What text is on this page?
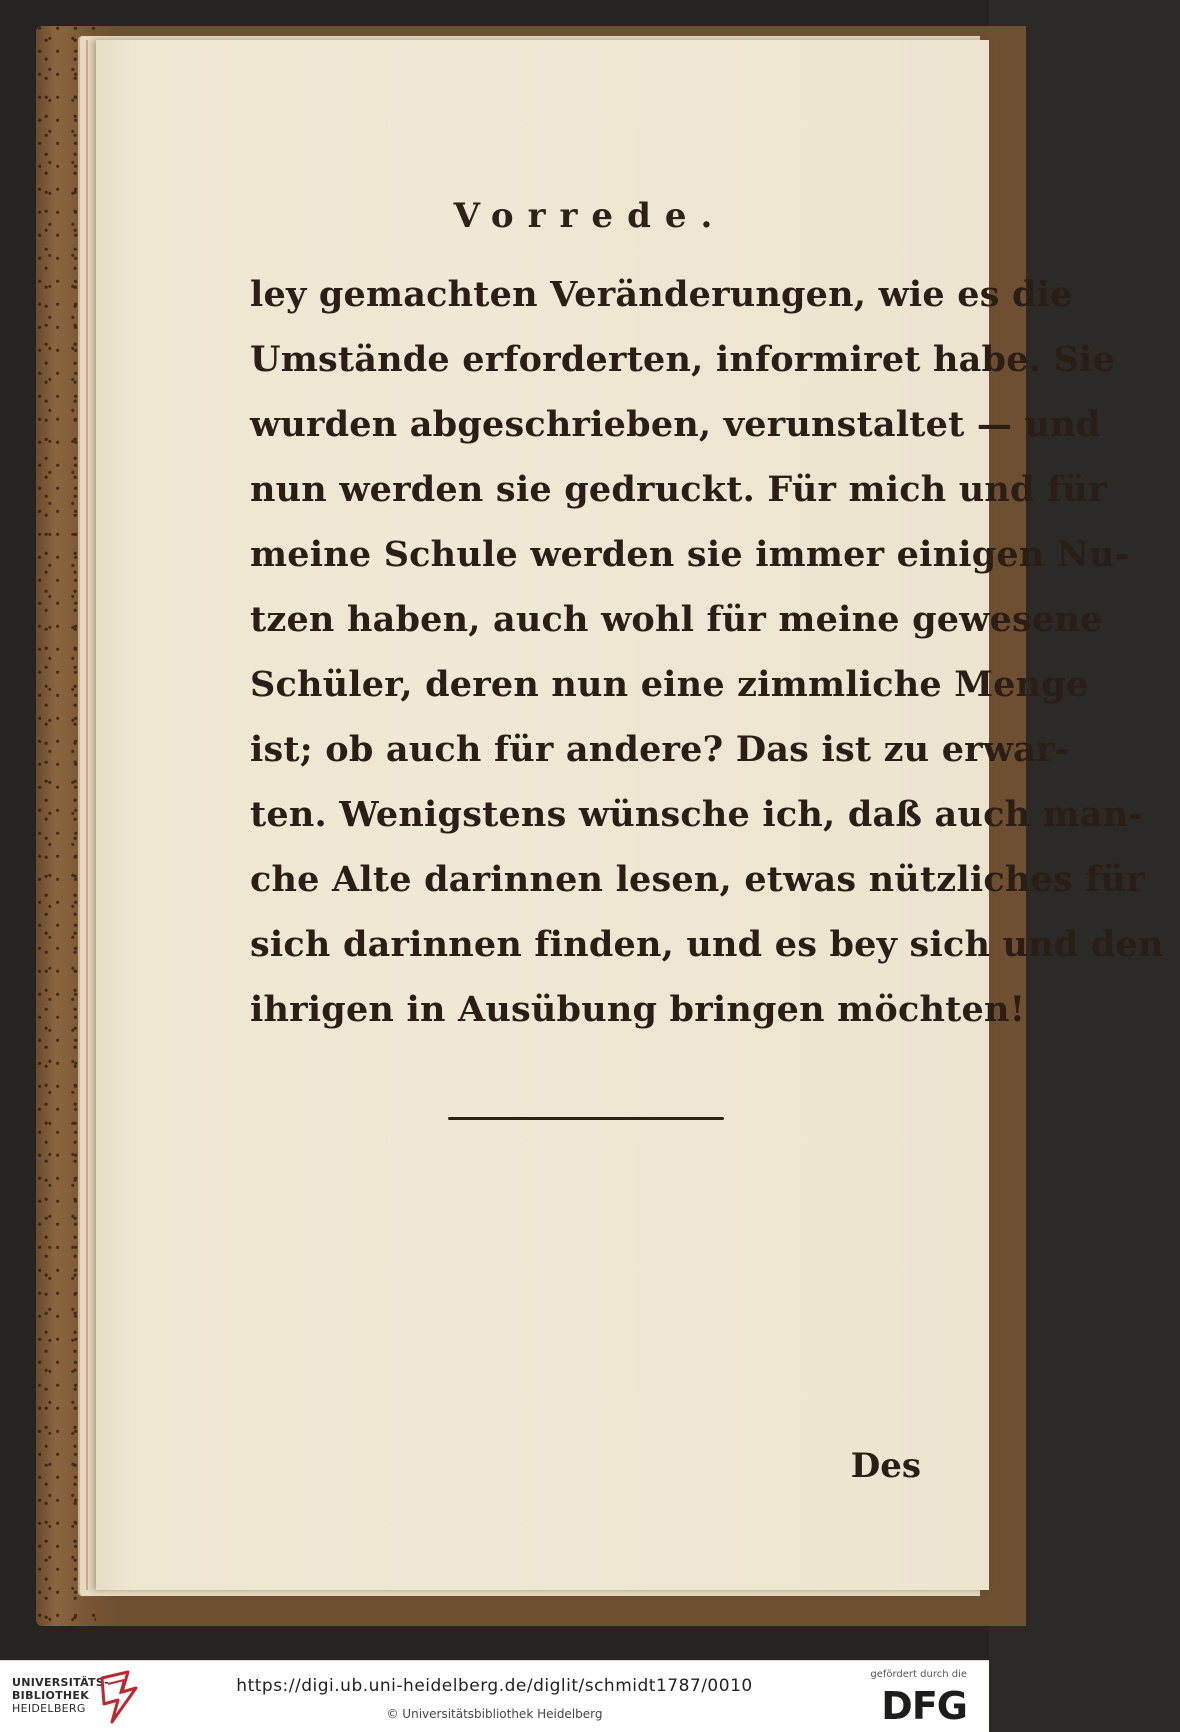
Vorrede.
ley gemachten Veränderungen, wie es die
Umstände erforderten, informiret habe. Sie
wurden abgeschrieben, verunstaltet — und
nun werden sie gedruckt. Für mich und für
meine Schule werden sie immer einigen Nu-
tzen haben, auch wohl für meine gewesene
Schüler, deren nun eine zimmliche Menge
ist; ob auch für andere? Das ist zu erwar-
ten. Wenigstens wünsche ich, daß auch man-
che Alte darinnen lesen, etwas nützliches für
sich darinnen finden, und es bey sich und den
ihrigen in Ausübung bringen möchten!
Des
UNIVERSITÄTS-
BIBLIOTHEK
HEIDELBERG
https://digi.ub.uni-heidelberg.de/diglit/schmidt1787/0010
© Universitätsbibliothek Heidelberg
gefördert durch die
DFG
